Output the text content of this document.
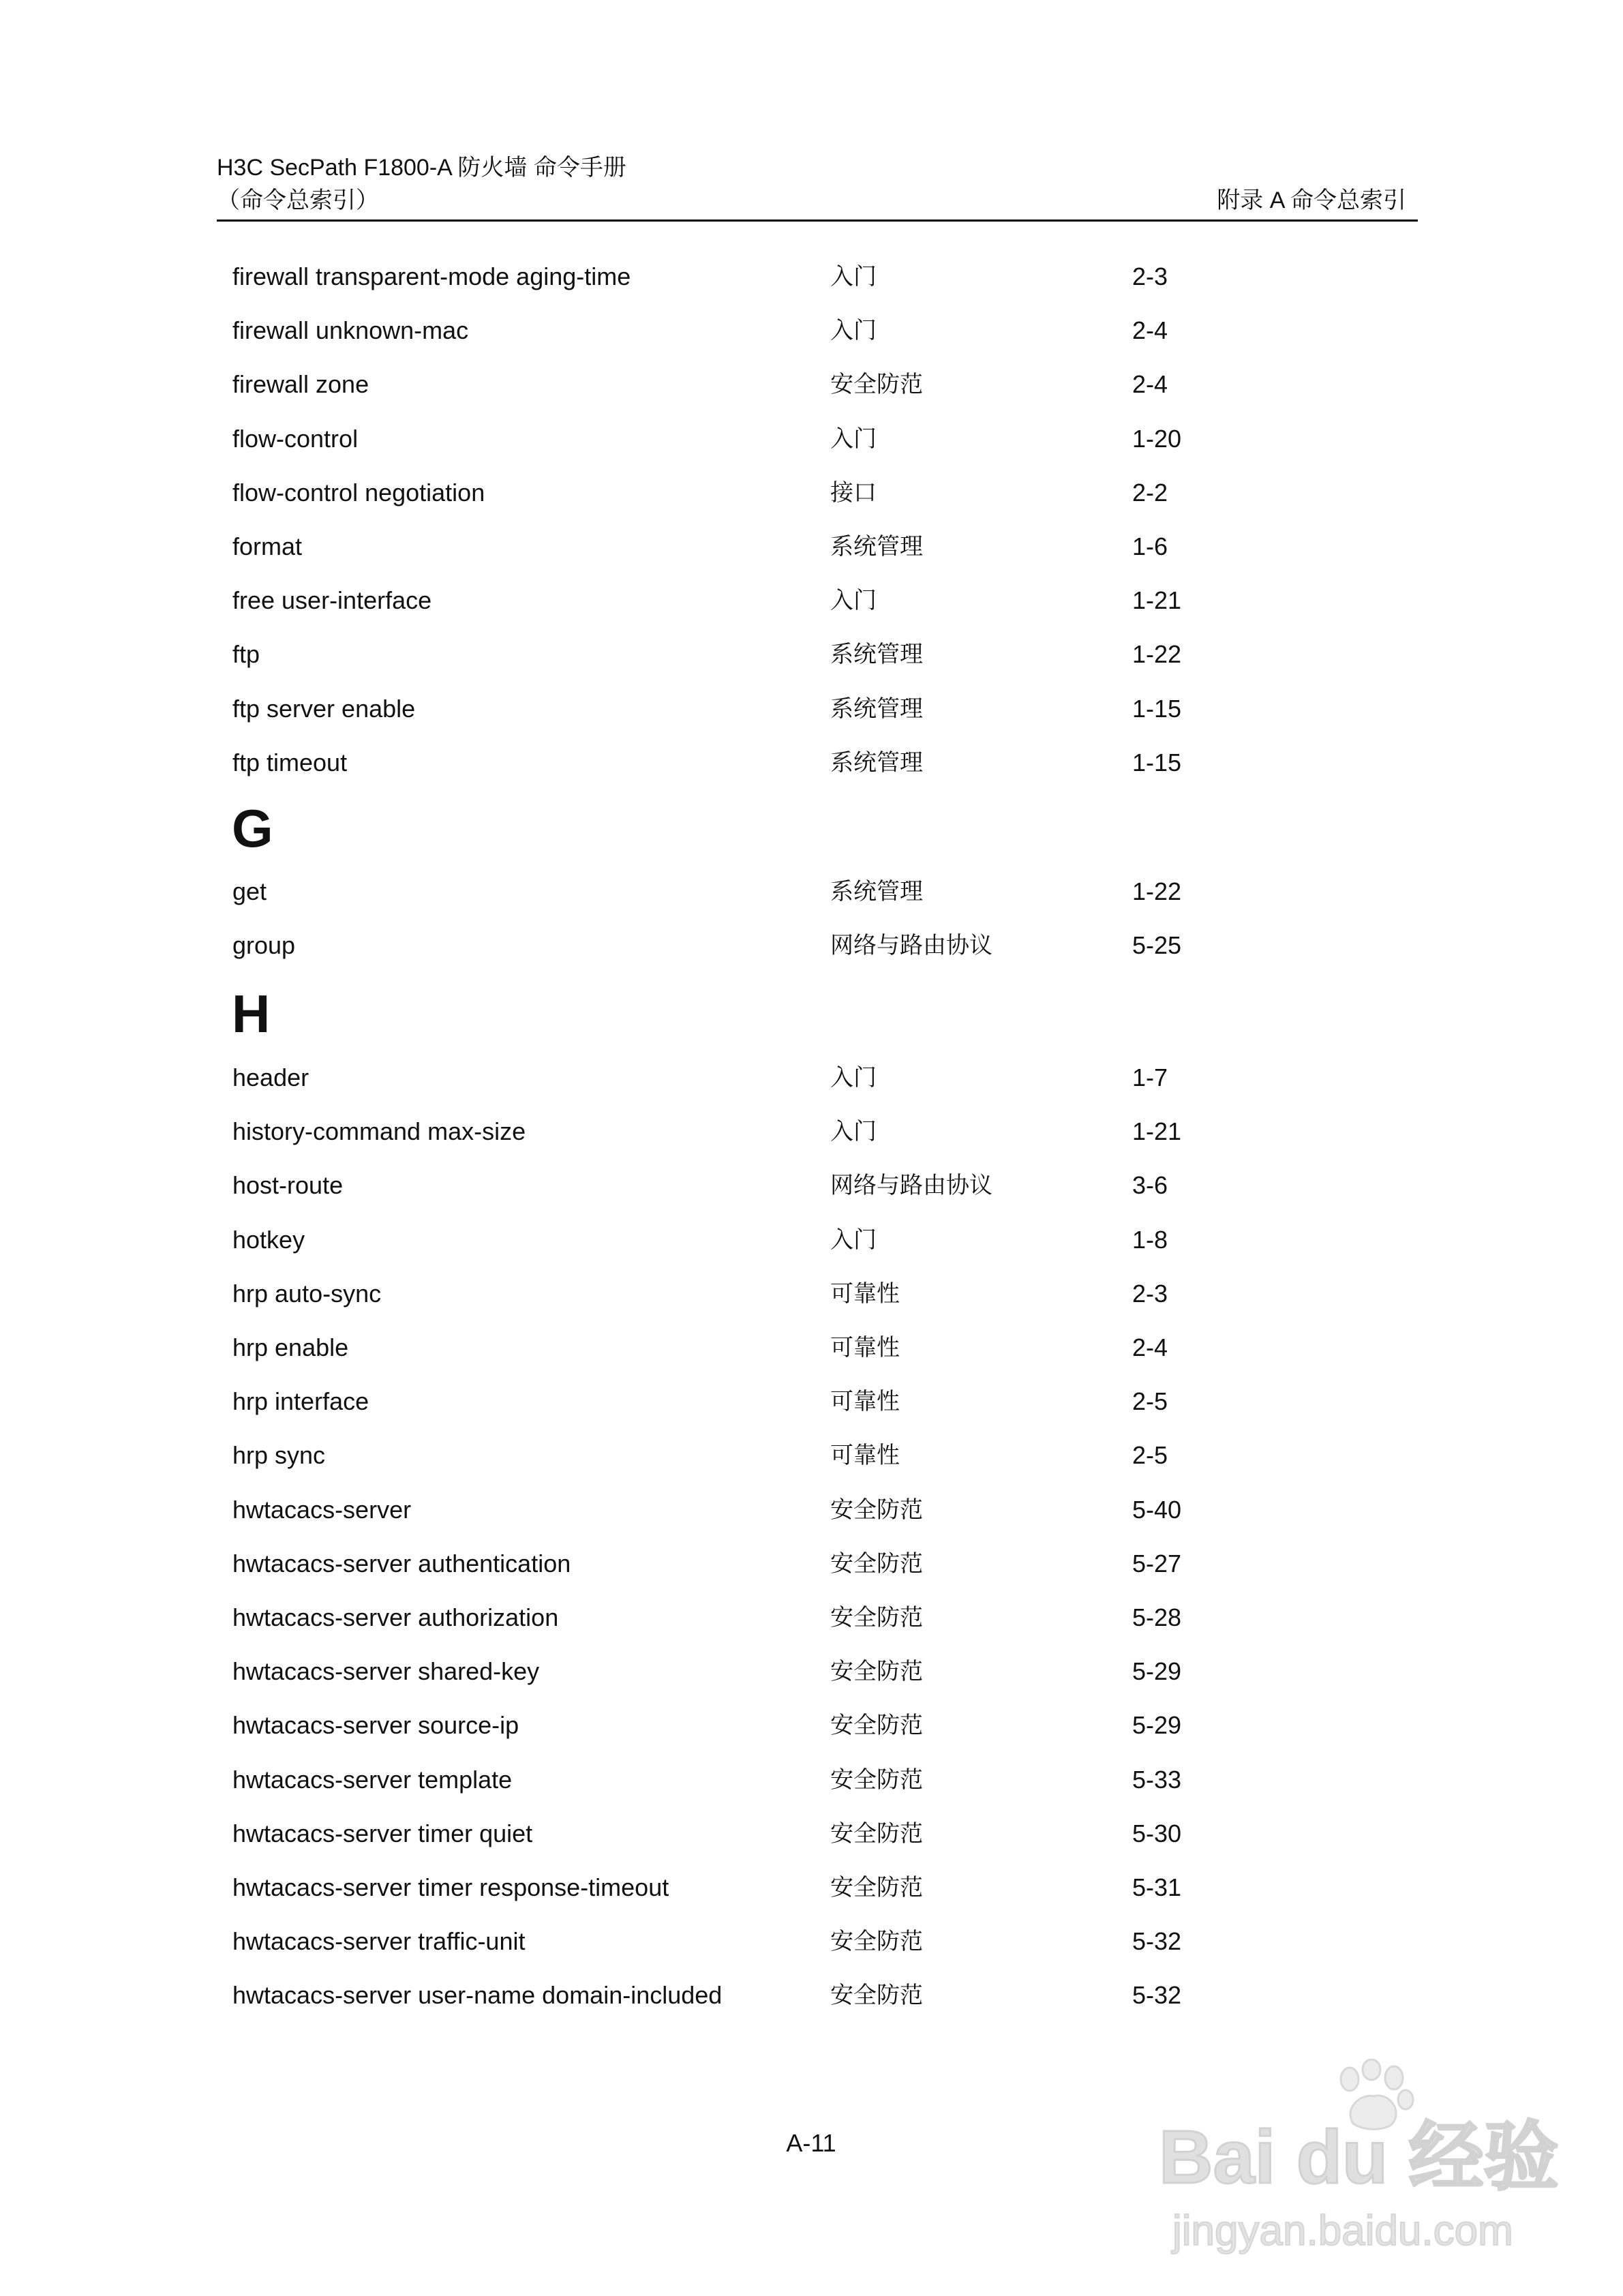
H3C SecPath F1800-A 防火墙 命令手册
（命令总索引）	附录 A 命令总索引
firewall transparent-mode aging-time	入门	2-3
firewall unknown-mac	入门	2-4
firewall zone	安全防范	2-4
flow-control	入门	1-20
flow-control negotiation	接口	2-2
format	系统管理	1-6
free user-interface	入门	1-21
ftp	系统管理	1-22
ftp server enable	系统管理	1-15
ftp timeout	系统管理	1-15
G
get	系统管理	1-22
group	网络与路由协议	5-25
H
header	入门	1-7
history-command max-size	入门	1-21
host-route	网络与路由协议	3-6
hotkey	入门	1-8
hrp auto-sync	可靠性	2-3
hrp enable	可靠性	2-4
hrp interface	可靠性	2-5
hrp sync	可靠性	2-5
hwtacacs-server	安全防范	5-40
hwtacacs-server authentication	安全防范	5-27
hwtacacs-server authorization	安全防范	5-28
hwtacacs-server shared-key	安全防范	5-29
hwtacacs-server source-ip	安全防范	5-29
hwtacacs-server template	安全防范	5-33
hwtacacs-server timer quiet	安全防范	5-30
hwtacacs-server timer response-timeout	安全防范	5-31
hwtacacs-server traffic-unit	安全防范	5-32
hwtacacs-server user-name domain-included	安全防范	5-32
A-11	Bai du 经验
jingyan.baidu.com
